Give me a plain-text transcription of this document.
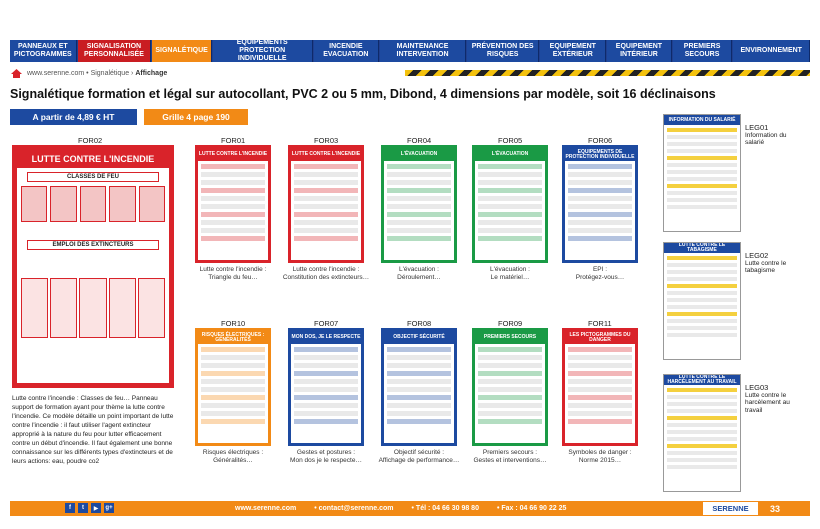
PANNEAUX ET PICTOGRAMMES
SIGNALISATION PERSONNALISÉE
SIGNALÉTIQUE
EQUIPEMENTS PROTECTION INDIVIDUELLE
INCENDIE EVACUATION
MAINTENANCE INTERVENTION
PRÉVENTION DES RISQUES
EQUIPEMENT EXTÉRIEUR
EQUIPEMENT INTÉRIEUR
PREMIERS SECOURS
ENVIRONNEMENT
www.serenne.com
•
Signalétique
›
Affichage
Signalétique formation et légal sur autocollant, PVC 2 ou 5 mm, Dibond, 4 dimensions par modèle, soit 16 déclinaisons
A partir de 4,89 € HT	Grille 4 page 190
FOR02
LUTTE CONTRE L'INCENDIE
CLASSES DE FEU
EMPLOI DES EXTINCTEURS
Lutte contre l'incendie : Classes de feu… Panneau support de formation ayant pour thème la lutte contre l'incendie. Ce modèle détaille un point important de lutte contre l'incendie : il faut utiliser l'agent extincteur approprié à la nature du feu pour lutter efficacement contre un début d'incendie. Il faut également une bonne connaissance sur les différents types d'extincteurs et de leurs actions: eau, poudre co2
FOR01
LUTTE CONTRE L'INCENDIE
Lutte contre l'incendie :
Triangle du feu…
FOR03
LUTTE CONTRE L'INCENDIE
Lutte contre l'incendie :
Constitution des extincteurs…
FOR04
L'ÉVACUATION
L'évacuation :
Déroulement…
FOR05
L'ÉVACUATION
L'évacuation :
Le matériel…
FOR06
EQUIPEMENTS DE PROTECTION INDIVIDUELLE
EPI :
Protégez-vous…
FOR10
RISQUES ÉLECTRIQUES : GÉNÉRALITÉS
Risques électriques :
Généralités…
FOR07
MON DOS, JE LE RESPECTE
Gestes et postures :
Mon dos je le respecte…
FOR08
OBJECTIF SÉCURITÉ
Objectif sécurité :
Affichage de performance…
FOR09
PREMIERS SECOURS
Premiers secours :
Gestes et interventions…
FOR11
LES PICTOGRAMMES DU DANGER
Symboles de danger :
Norme 2015…
INFORMATION DU SALARIÉ
LEG01
Information du salarié
LUTTE CONTRE LE TABAGISME
LEG02
Lutte contre le tabagisme
LUTTE CONTRE LE HARCÈLEMENT AU TRAVAIL
LEG03
Lutte contre le harcèlement au travail
f	t	▶	g+	www.serenne.com	• contact@serenne.com	• Tél : 04 66 30 98 80	• Fax : 04 66 90 22 25	SERENNE	33
